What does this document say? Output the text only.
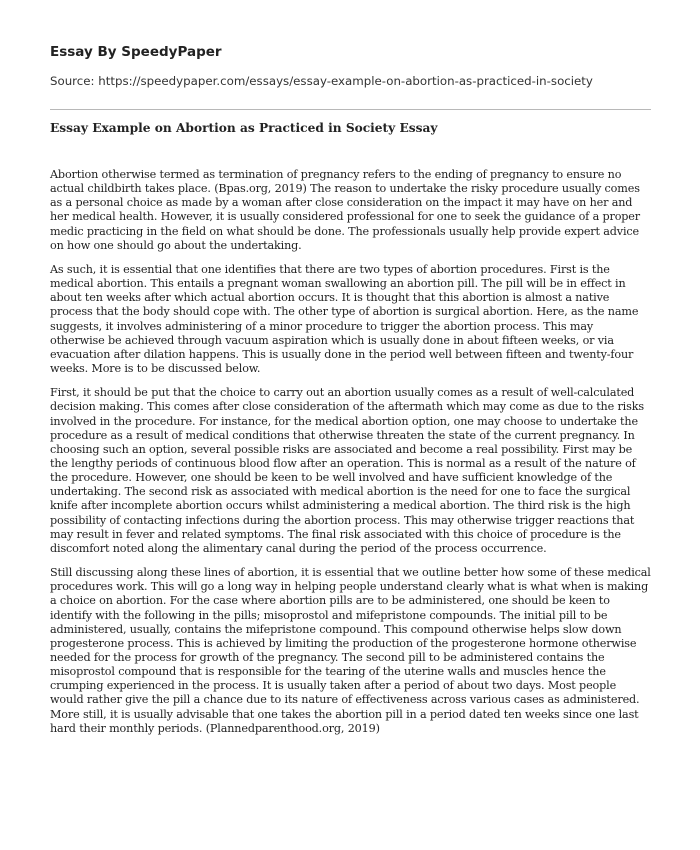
Essay By SpeedyPaper
Source: https://speedypaper.com/essays/essay-example-on-abortion-as-practiced-in-society
Essay Example on Abortion as Practiced in Society Essay

Abortion otherwise termed as termination of pregnancy refers to the ending of pregnancy to ensure no actual childbirth takes place. (Bpas.org, 2019) The reason to undertake the risky procedure usually comes as a personal choice as made by a woman after close consideration on the impact it may have on her and her medical health. However, it is usually considered professional for one to seek the guidance of a proper medic practicing in the field on what should be done. The professionals usually help provide expert advice on how one should go about the undertaking.

As such, it is essential that one identifies that there are two types of abortion procedures. First is the medical abortion. This entails a pregnant woman swallowing an abortion pill. The pill will be in effect in about ten weeks after which actual abortion occurs. It is thought that this abortion is almost a native process that the body should cope with. The other type of abortion is surgical abortion. Here, as the name suggests, it involves administering of a minor procedure to trigger the abortion process. This may otherwise be achieved through vacuum aspiration which is usually done in about fifteen weeks, or via evacuation after dilation happens. This is usually done in the period well between fifteen and twenty-four weeks. More is to be discussed below.

First, it should be put that the choice to carry out an abortion usually comes as a result of well-calculated decision making. This comes after close consideration of the aftermath which may come as due to the risks involved in the procedure. For instance, for the medical abortion option, one may choose to undertake the procedure as a result of medical conditions that otherwise threaten the state of the current pregnancy. In choosing such an option, several possible risks are associated and become a real possibility. First may be the lengthy periods of continuous blood flow after an operation. This is normal as a result of the nature of the procedure. However, one should be keen to be well involved and have sufficient knowledge of the undertaking. The second risk as associated with medical abortion is the need for one to face the surgical knife after incomplete abortion occurs whilst administering a medical abortion. The third risk is the high possibility of contacting infections during the abortion process. This may otherwise trigger reactions that may result in fever and related symptoms. The final risk associated with this choice of procedure is the discomfort noted along the alimentary canal during the period of the process occurrence.

Still discussing along these lines of abortion, it is essential that we outline better how some of these medical procedures work. This will go a long way in helping people understand clearly what is what when is making a choice on abortion. For the case where abortion pills are to be administered, one should be keen to identify with the following in the pills; misoprostol and mifepristone compounds. The initial pill to be administered, usually, contains the mifepristone compound. This compound otherwise helps slow down progesterone process. This is achieved by limiting the production of the progesterone hormone otherwise needed for the process for growth of the pregnancy. The second pill to be administered contains the misoprostol compound that is responsible for the tearing of the uterine walls and muscles hence the crumping experienced in the process. It is usually taken after a period of about two days. Most people would rather give the pill a chance due to its nature of effectiveness across various cases as administered. More still, it is usually advisable that one takes the abortion pill in a period dated ten weeks since one last hard their monthly periods. (Plannedparenthood.org, 2019)
